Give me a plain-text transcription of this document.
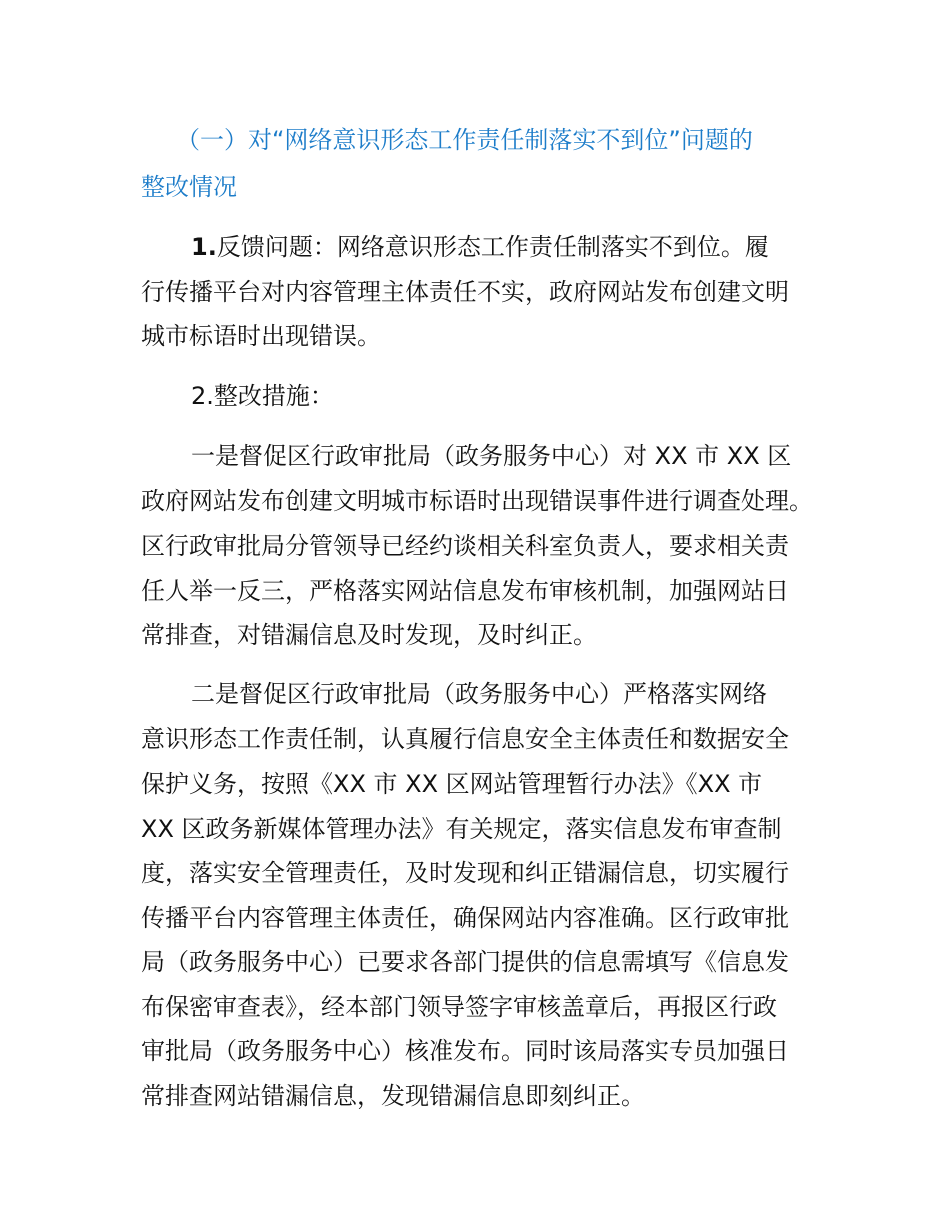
（一）对“网络意识形态工作责任制落实不到位”问题的
整改情况
1.反馈问题：网络意识形态工作责任制落实不到位。履
行传播平台对内容管理主体责任不实，政府网站发布创建文明
城市标语时出现错误。
2.整改措施：
一是督促区行政审批局（政务服务中心）对 XX 市 XX 区
政府网站发布创建文明城市标语时出现错误事件进行调查处理。
区行政审批局分管领导已经约谈相关科室负责人，要求相关责
任人举一反三，严格落实网站信息发布审核机制，加强网站日
常排查，对错漏信息及时发现，及时纠正。
二是督促区行政审批局（政务服务中心）严格落实网络
意识形态工作责任制，认真履行信息安全主体责任和数据安全
保护义务，按照《XX 市 XX 区网站管理暂行办法》《XX 市
XX 区政务新媒体管理办法》有关规定，落实信息发布审查制
度，落实安全管理责任，及时发现和纠正错漏信息，切实履行
传播平台内容管理主体责任，确保网站内容准确。区行政审批
局（政务服务中心）已要求各部门提供的信息需填写《信息发
布保密审查表》，经本部门领导签字审核盖章后，再报区行政
审批局（政务服务中心）核准发布。同时该局落实专员加强日
常排查网站错漏信息，发现错漏信息即刻纠正。
